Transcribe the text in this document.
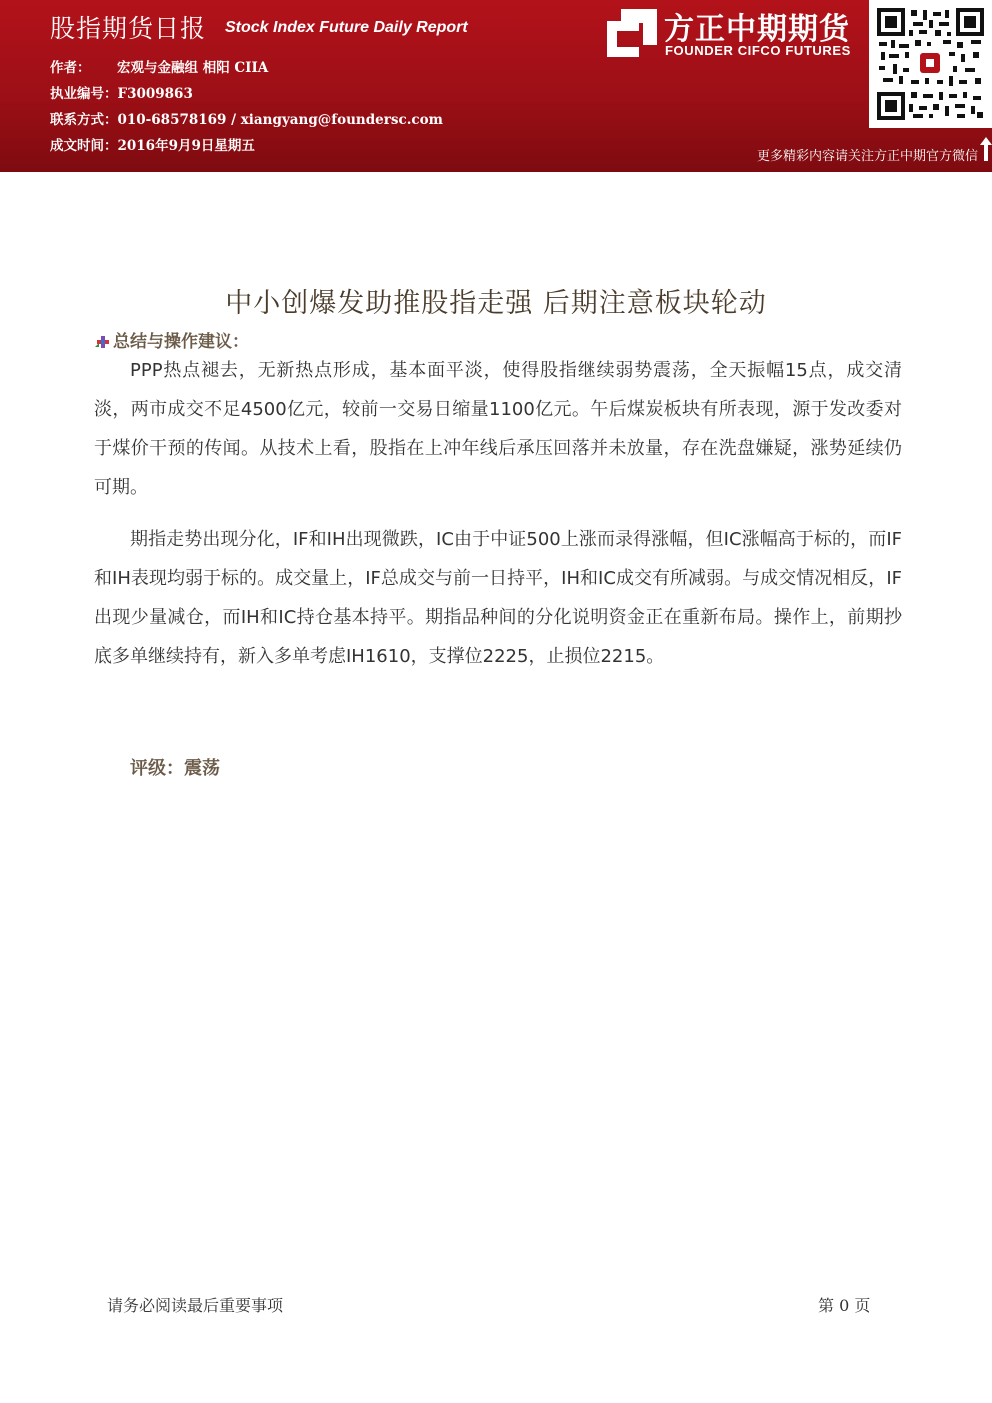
股指期货日报 Stock Index Future Daily Report
作者： 宏观与金融组 相阳 CIIA
执业编号：F3009863
联系方式：010-68578169 / xiangyang@foundersc.com
成文时间：2016年9月9日星期五
方正中期期货
FOUNDER CIFCO FUTURES
更多精彩内容请关注方正中期官方微信
中小创爆发助推股指走强 后期注意板块轮动
总结与操作建议：

PPP热点褪去，无新热点形成，基本面平淡，使得股指继续弱势震荡，全天振幅15点，成交清淡，两市成交不足4500亿元，较前一交易日缩量1100亿元。午后煤炭板块有所表现，源于发改委对于煤价干预的传闻。从技术上看，股指在上冲年线后承压回落并未放量，存在洗盘嫌疑，涨势延续仍可期。

期指走势出现分化，IF和IH出现微跌，IC由于中证500上涨而录得涨幅，但IC涨幅高于标的，而IF和IH表现均弱于标的。成交量上，IF总成交与前一日持平，IH和IC成交有所减弱。与成交情况相反，IF出现少量减仓，而IH和IC持仓基本持平。期指品种间的分化说明资金正在重新布局。操作上，前期抄底多单继续持有，新入多单考虑IH1610，支撑位2225，止损位2215。

评级：震荡
请务必阅读最后重要事项	第 0 页
